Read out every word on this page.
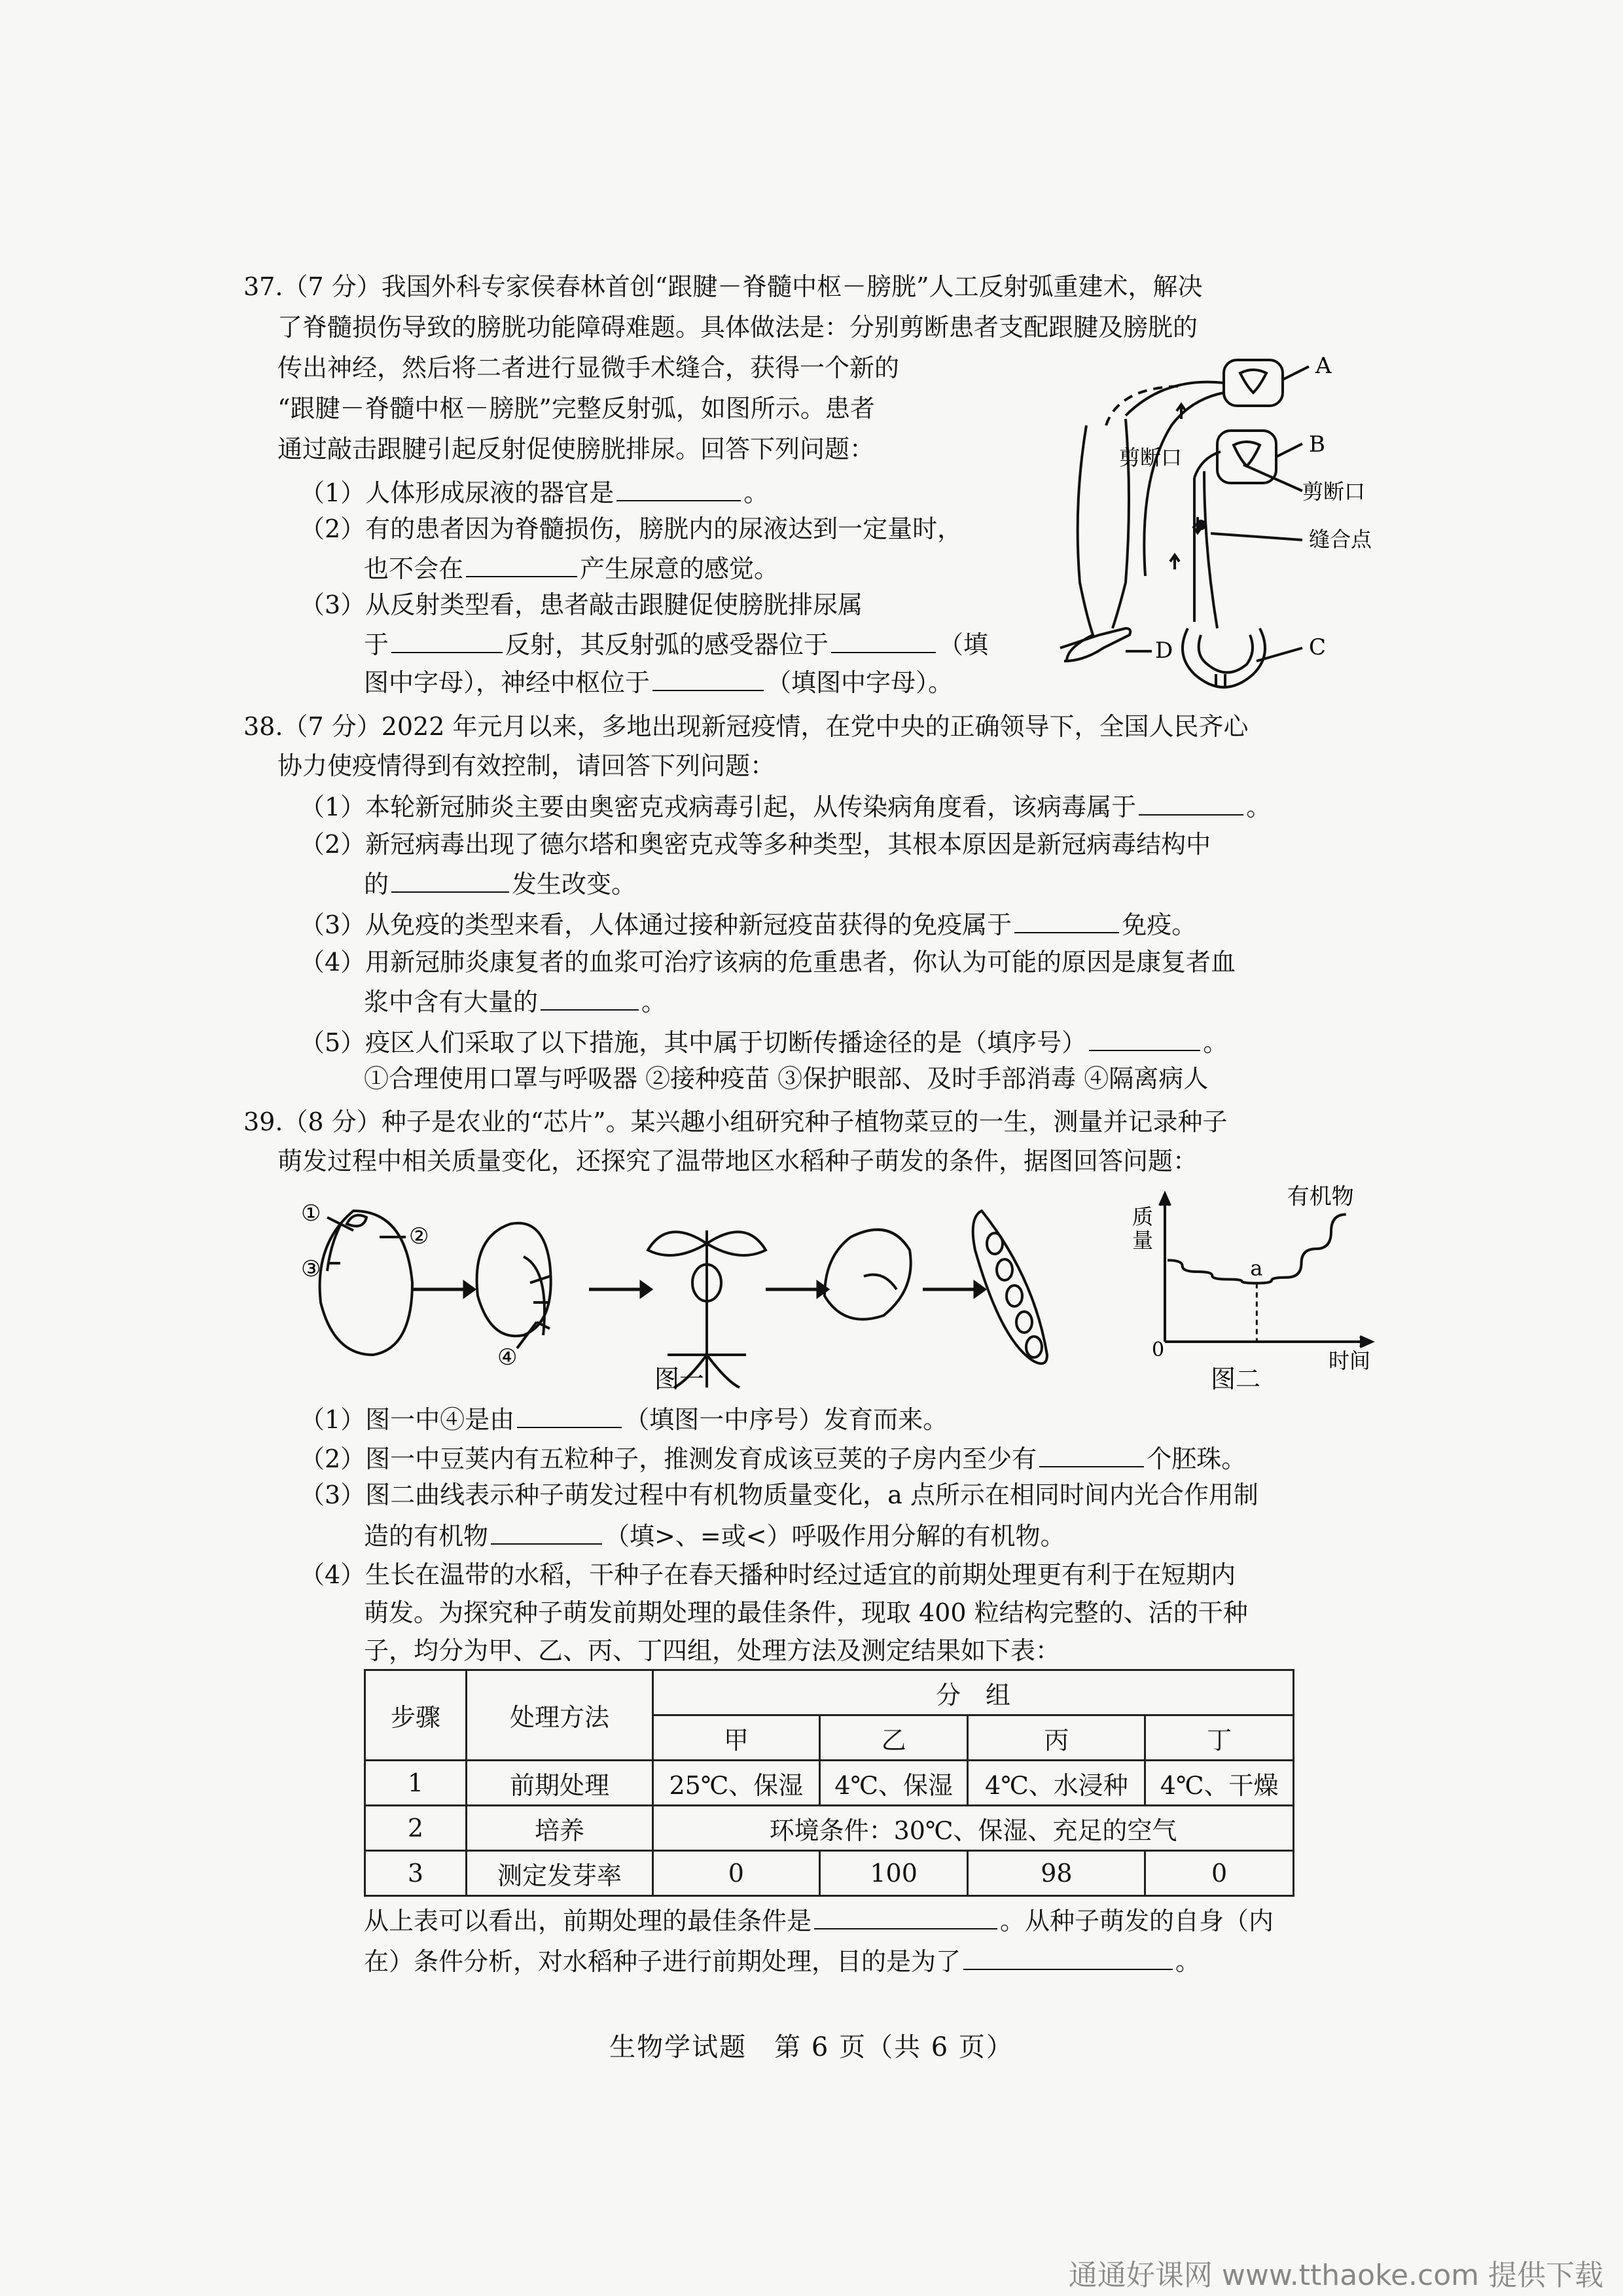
37.（7 分）我国外科专家侯春林首创“跟腱－脊髓中枢－膀胱”人工反射弧重建术，解决
了脊髓损伤导致的膀胱功能障碍难题。具体做法是：分别剪断患者支配跟腱及膀胱的
传出神经，然后将二者进行显微手术缝合，获得一个新的
“跟腱－脊髓中枢－膀胱”完整反射弧，如图所示。患者
通过敲击跟腱引起反射促使膀胱排尿。回答下列问题：
（1）人体形成尿液的器官是	。
（2）有的患者因为脊髓损伤，膀胱内的尿液达到一定量时，
也不会在	产生尿意的感觉。
（3）从反射类型看，患者敲击跟腱促使膀胱排尿属
于	反射，其反射弧的感受器位于	（填
图中字母），神经中枢位于	（填图中字母）。
A
B
C
D
剪断口
剪断口
缝合点
38.（7 分）2022 年元月以来，多地出现新冠疫情，在党中央的正确领导下，全国人民齐心
协力使疫情得到有效控制，请回答下列问题：
（1）本轮新冠肺炎主要由奥密克戎病毒引起，从传染病角度看，该病毒属于	。
（2）新冠病毒出现了德尔塔和奥密克戎等多种类型，其根本原因是新冠病毒结构中
的	发生改变。
（3）从免疫的类型来看，人体通过接种新冠疫苗获得的免疫属于	免疫。
（4）用新冠肺炎康复者的血浆可治疗该病的危重患者，你认为可能的原因是康复者血
浆中含有大量的	。
（5）疫区人们采取了以下措施，其中属于切断传播途径的是（填序号）	。
①合理使用口罩与呼吸器 ②接种疫苗 ③保护眼部、及时手部消毒 ④隔离病人
39.（8 分）种子是农业的“芯片”。某兴趣小组研究种子植物菜豆的一生，测量并记录种子
萌发过程中相关质量变化，还探究了温带地区水稻种子萌发的条件，据图回答问题：
①
②
③
④
图一
有机物
a
质
量
0	时间
图二
（1）图一中④是由	（填图一中序号）发育而来。
（2）图一中豆荚内有五粒种子，推测发育成该豆荚的子房内至少有	个胚珠。
（3）图二曲线表示种子萌发过程中有机物质量变化，a 点所示在相同时间内光合作用制
造的有机物	（填>、=或<）呼吸作用分解的有机物。
（4）生长在温带的水稻，干种子在春天播种时经过适宜的前期处理更有利于在短期内
萌发。为探究种子萌发前期处理的最佳条件，现取 400 粒结构完整的、活的干种
子，均分为甲、乙、丙、丁四组，处理方法及测定结果如下表：
步骤	处理方法	分　组			
		甲	乙	丙	丁
1	前期处理	25℃、保湿	4℃、保湿	4℃、水浸种	4℃、干燥
2	培养	环境条件：30℃、保湿、充足的空气			
3	测定发芽率	0	100	98	0
从上表可以看出，前期处理的最佳条件是	。从种子萌发的自身（内
在）条件分析，对水稻种子进行前期处理，目的是为了	。
生物学试题　第 6 页（共 6 页）
通通好课网 www.tthaoke.com 提供下载
